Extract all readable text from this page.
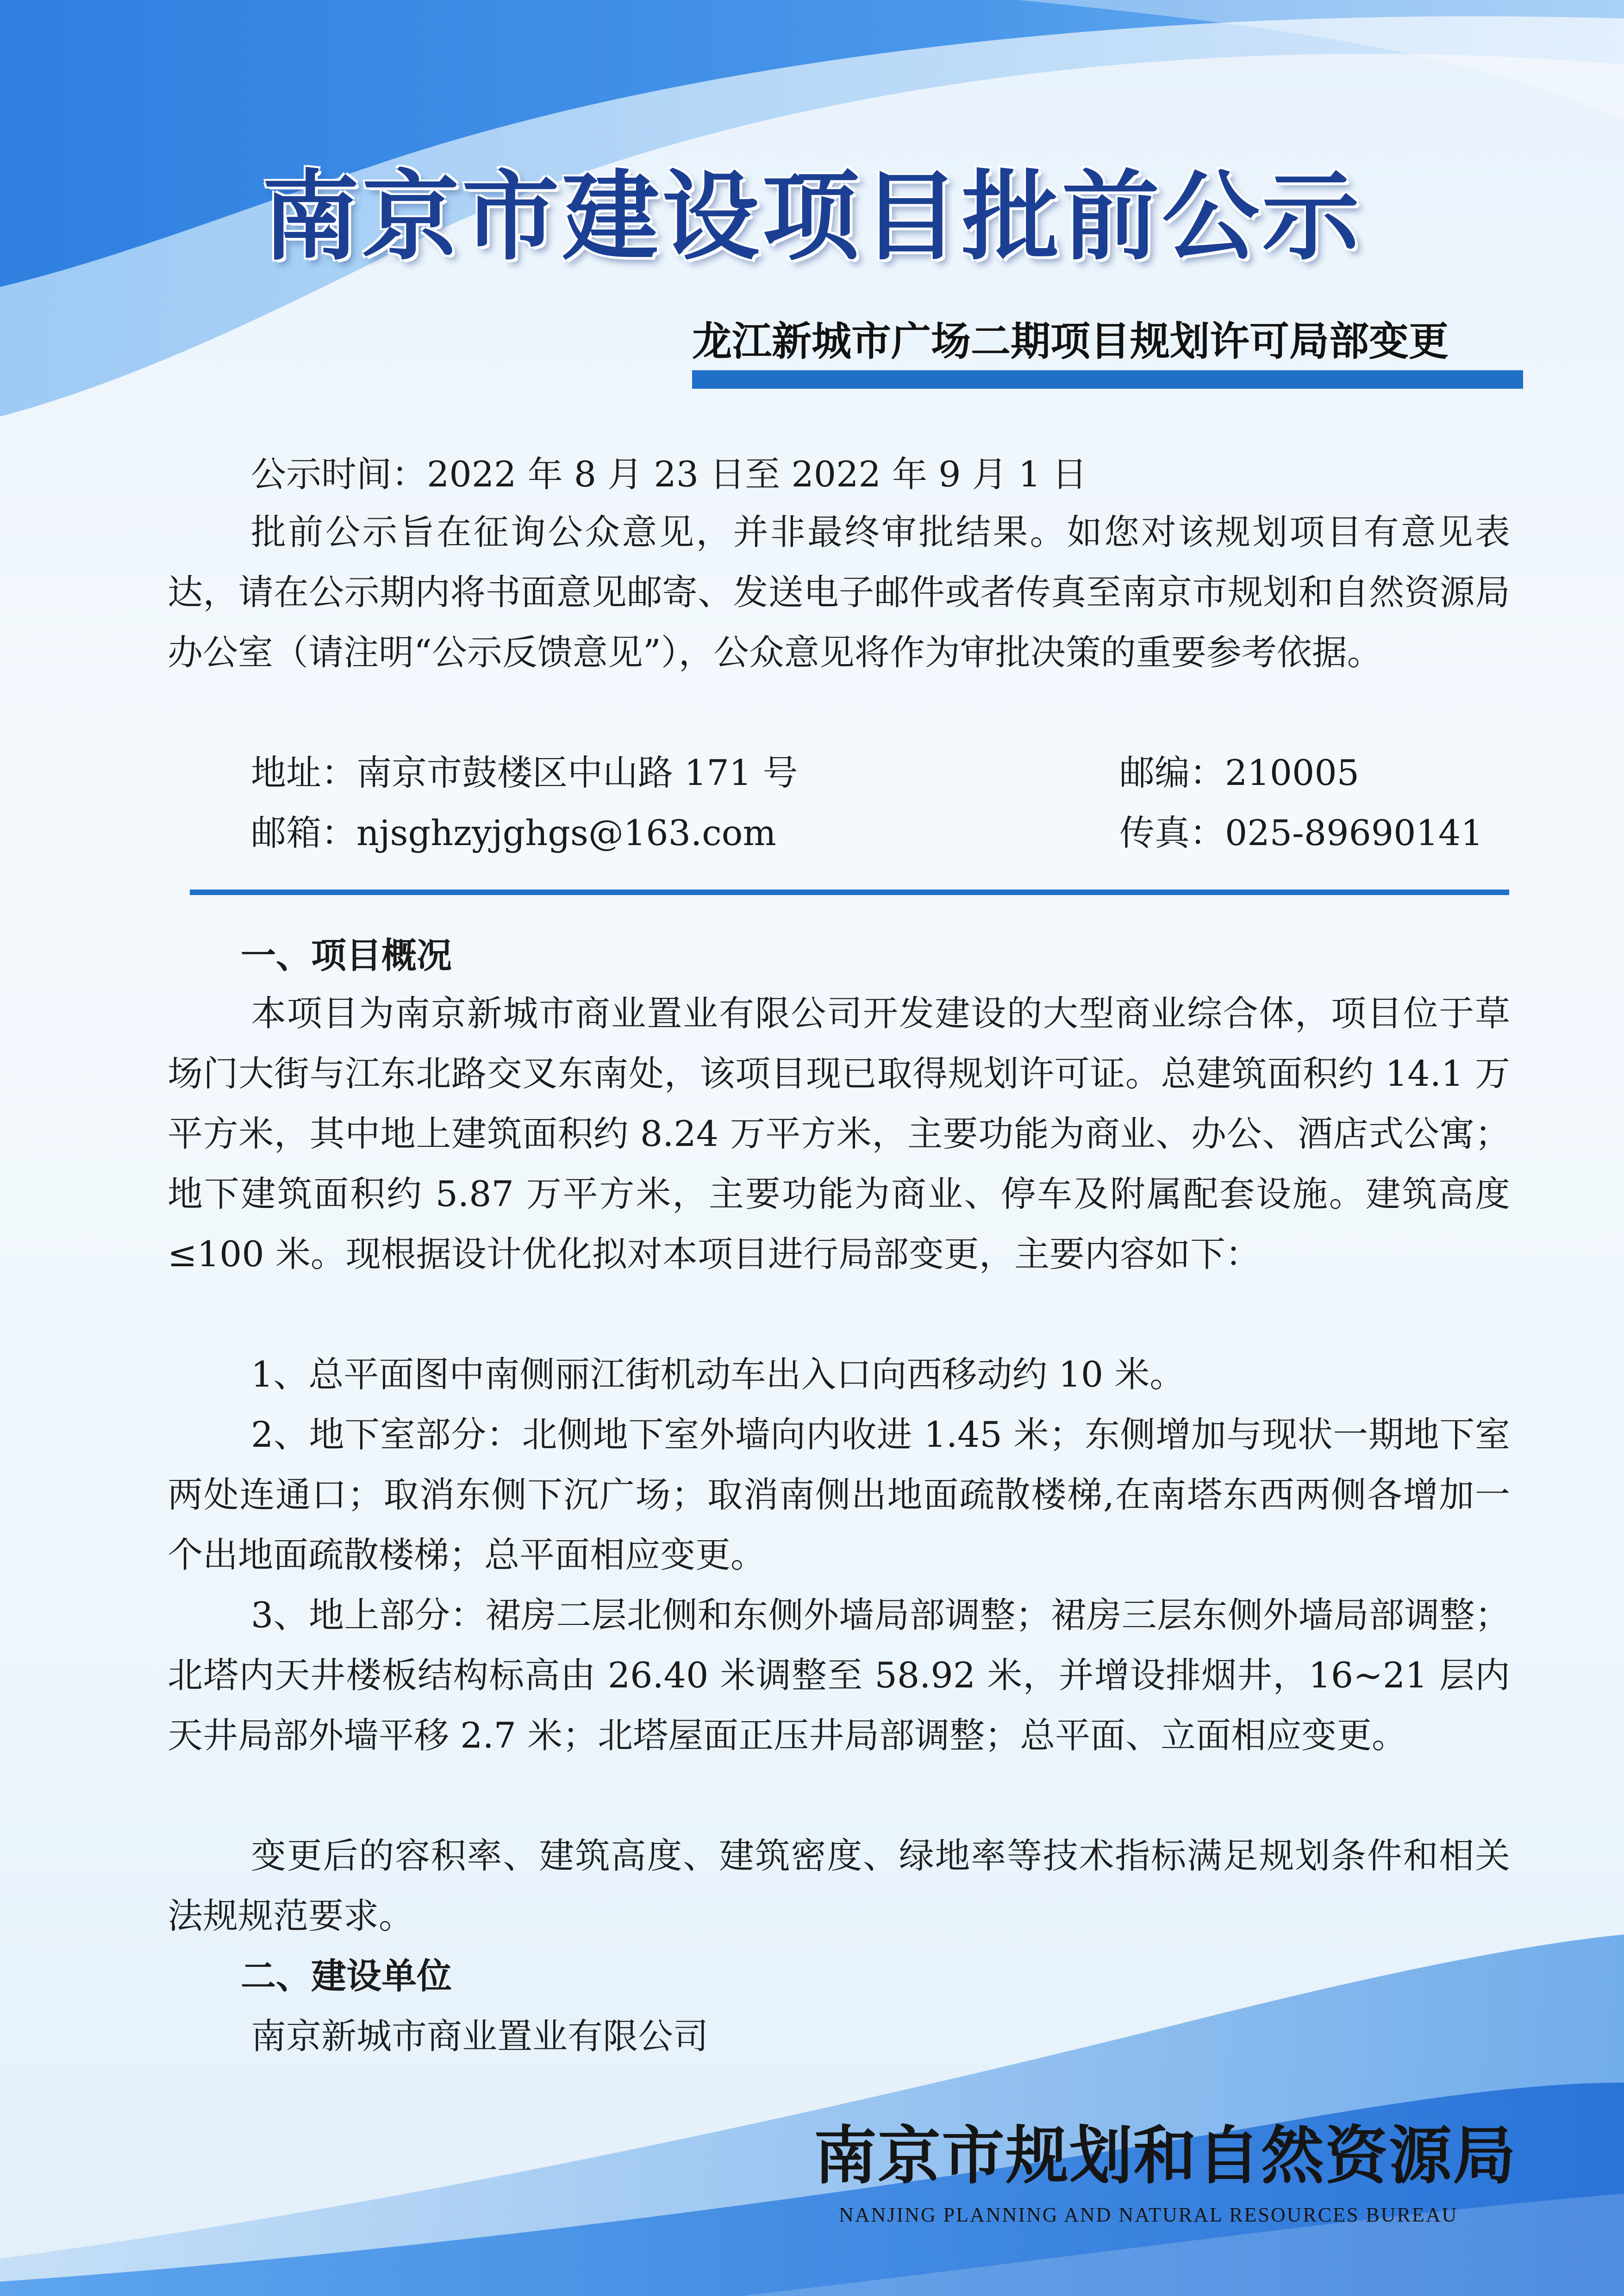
南京市建设项目批前公示
龙江新城市广场二期项目规划许可局部变更
公示时间：2022 年 8 月 23 日至 2022 年 9 月 1 日

批前公示旨在征询公众意见，并非最终审批结果。如您对该规划项目有意见表达，请在公示期内将书面意见邮寄、发送电子邮件或者传真至南京市规划和自然资源局办公室（请注明“公示反馈意见”），公众意见将作为审批决策的重要参考依据。

地址：南京市鼓楼区中山路 171 号	邮编：210005
邮箱：njsghzyjghgs@163.com	传真：025-89690141
一、项目概况

本项目为南京新城市商业置业有限公司开发建设的大型商业综合体，项目位于草场门大街与江东北路交叉东南处，该项目现已取得规划许可证。总建筑面积约 14.1 万平方米，其中地上建筑面积约 8.24 万平方米，主要功能为商业、办公、酒店式公寓；地下建筑面积约 5.87 万平方米，主要功能为商业、停车及附属配套设施。建筑高度≤100 米。现根据设计优化拟对本项目进行局部变更，主要内容如下：

1、总平面图中南侧丽江街机动车出入口向西移动约 10 米。

2、地下室部分：北侧地下室外墙向内收进 1.45 米；东侧增加与现状一期地下室两处连通口；取消东侧下沉广场；取消南侧出地面疏散楼梯,在南塔东西两侧各增加一个出地面疏散楼梯；总平面相应变更。

3、地上部分：裙房二层北侧和东侧外墙局部调整；裙房三层东侧外墙局部调整；北塔内天井楼板结构标高由 26.40 米调整至 58.92 米，并增设排烟井，16~21 层内天井局部外墙平移 2.7 米；北塔屋面正压井局部调整；总平面、立面相应变更。

变更后的容积率、建筑高度、建筑密度、绿地率等技术指标满足规划条件和相关法规规范要求。

二、建设单位
南京新城市商业置业有限公司
南京市规划和自然资源局
NANJING PLANNING AND NATURAL RESOURCES BUREAU
